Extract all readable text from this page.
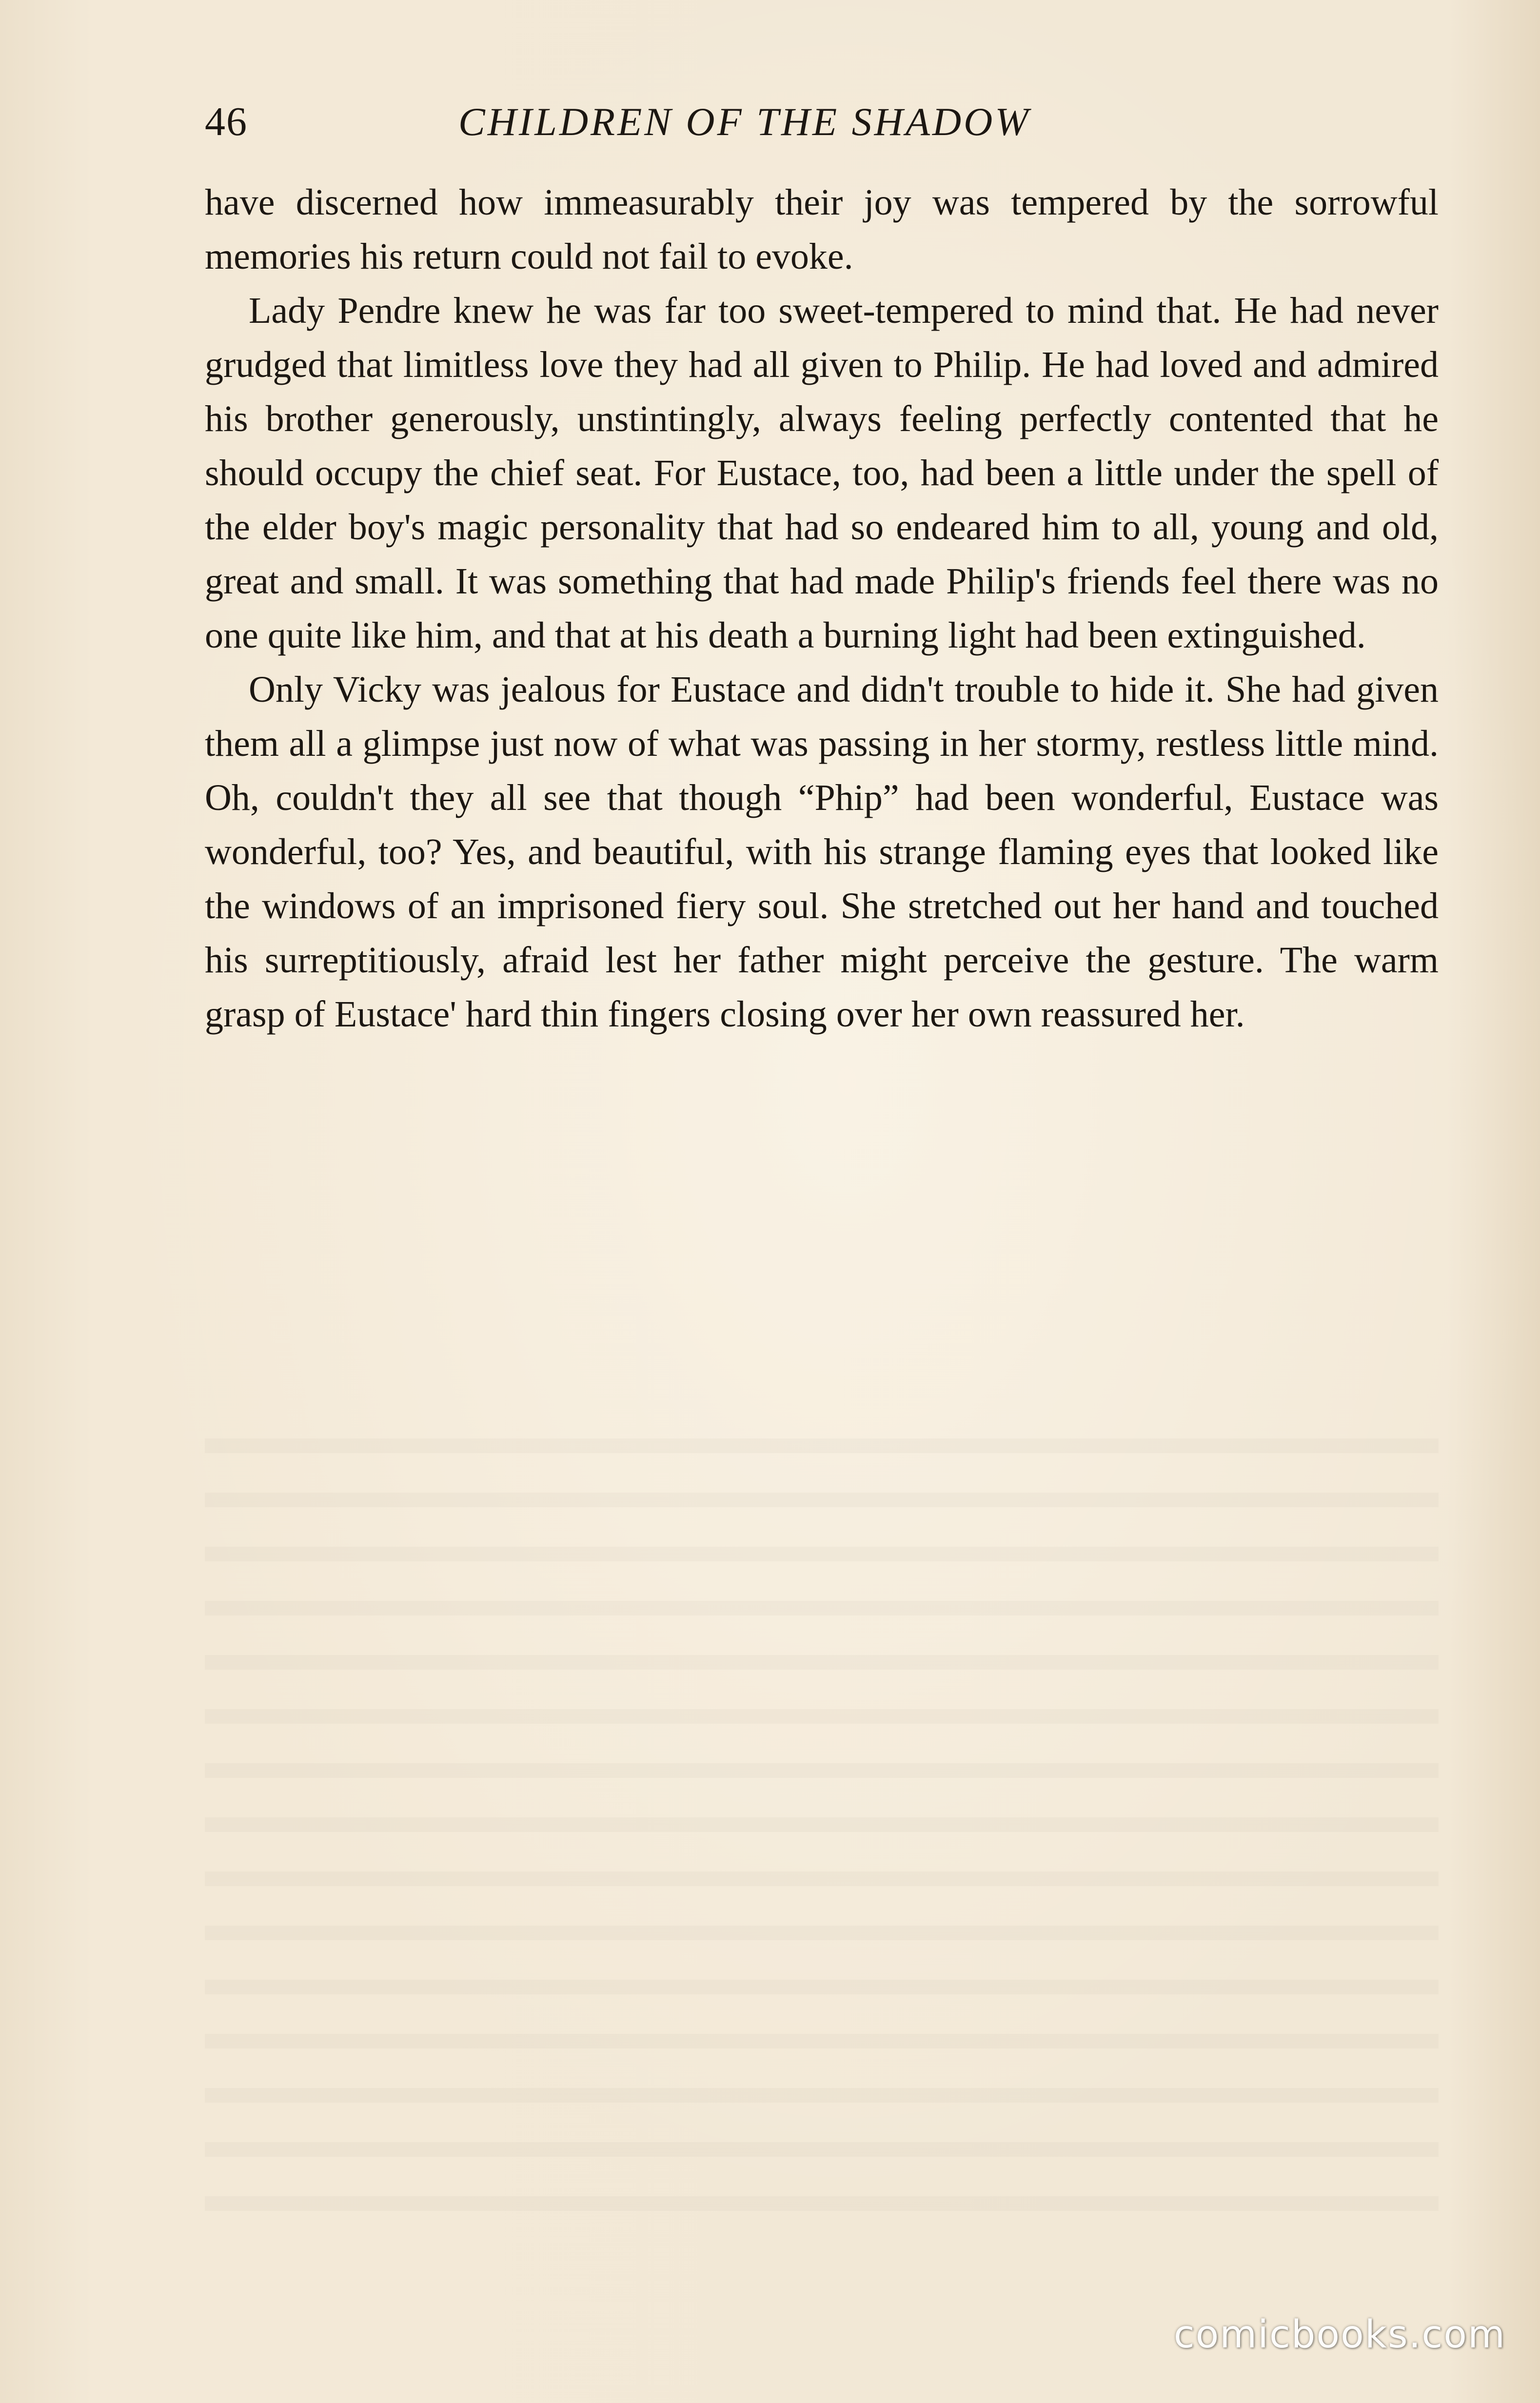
46	CHILDREN OF THE SHADOW

have discerned how immeasurably their joy was tempered by the sorrowful memories his return could not fail to evoke.

Lady Pendre knew he was far too sweet-tempered to mind that. He had never grudged that limitless love they had all given to Philip. He had loved and admired his brother generously, unstintingly, always feeling perfectly contented that he should occupy the chief seat. For Eustace, too, had been a little under the spell of the elder boy's magic personality that had so endeared him to all, young and old, great and small. It was something that had made Philip's friends feel there was no one quite like him, and that at his death a burning light had been extinguished.

Only Vicky was jealous for Eustace and didn't trouble to hide it. She had given them all a glimpse just now of what was passing in her stormy, restless little mind. Oh, couldn't they all see that though “Phip” had been wonderful, Eustace was wonderful, too? Yes, and beautiful, with his strange flaming eyes that looked like the windows of an imprisoned fiery soul. She stretched out her hand and touched his surreptitiously, afraid lest her father might perceive the gesture. The warm grasp of Eustace' hard thin fingers closing over her own reassured her.

comicbooks.com
